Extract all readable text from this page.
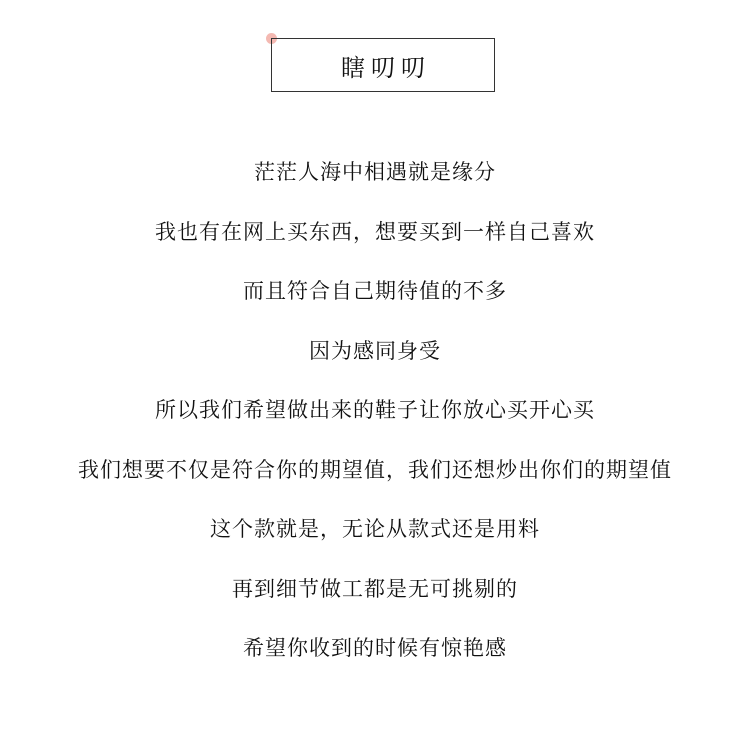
瞎叨叨
茫茫人海中相遇就是缘分
我也有在网上买东西，想要买到一样自己喜欢
而且符合自己期待值的不多
因为感同身受
所以我们希望做出来的鞋子让你放心买开心买
我们想要不仅是符合你的期望值，我们还想炒出你们的期望值
这个款就是，无论从款式还是用料
再到细节做工都是无可挑剔的
希望你收到的时候有惊艳感
